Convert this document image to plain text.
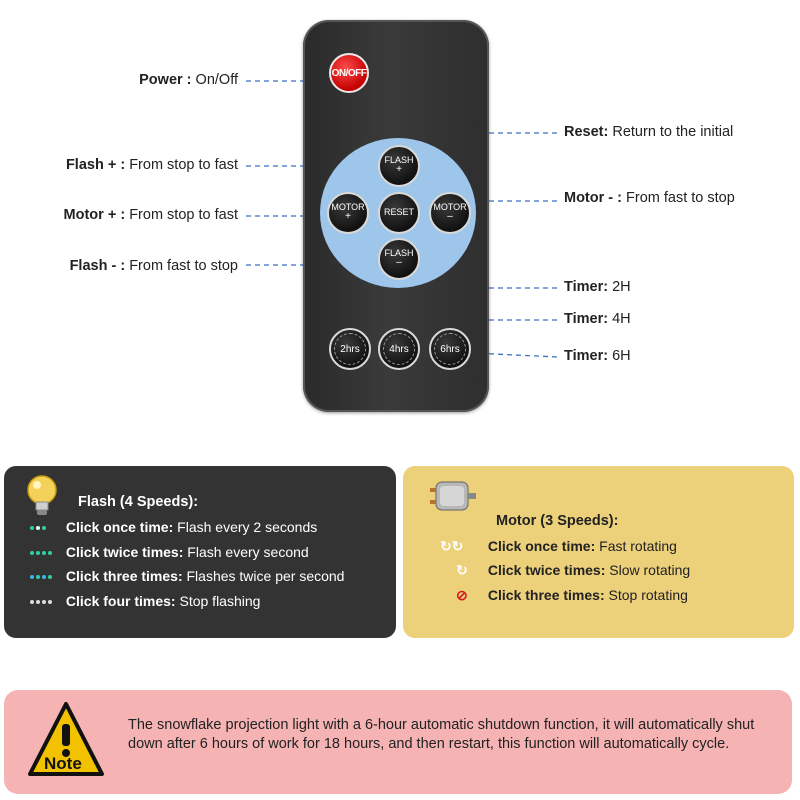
ON/OFF
FLASH
+
MOTOR
+	RESET
MOTOR
–
FLASH
–
2hrs	4hrs	6hrs
Power : On/Off
Flash + : From stop to fast
Motor + : From stop to fast
Flash - : From fast to stop
Reset: Return to the initial
Motor - : From fast to stop
Timer: 2H
Timer: 4H
Timer: 6H
Flash (4 Speeds):
Click once time: Flash every 2 seconds
Click twice times: Flash every second
Click three times: Flashes twice per second
Click four times: Stop flashing
Motor (3 Speeds):
↻↻ Click once time: Fast rotating
↻ Click twice times: Slow rotating
⊘ Click three times: Stop rotating
Note
The snowflake projection light with a 6-hour automatic shutdown function, it will automatically shut down after 6 hours of work for 18 hours, and then restart, this function will automatically cycle.
